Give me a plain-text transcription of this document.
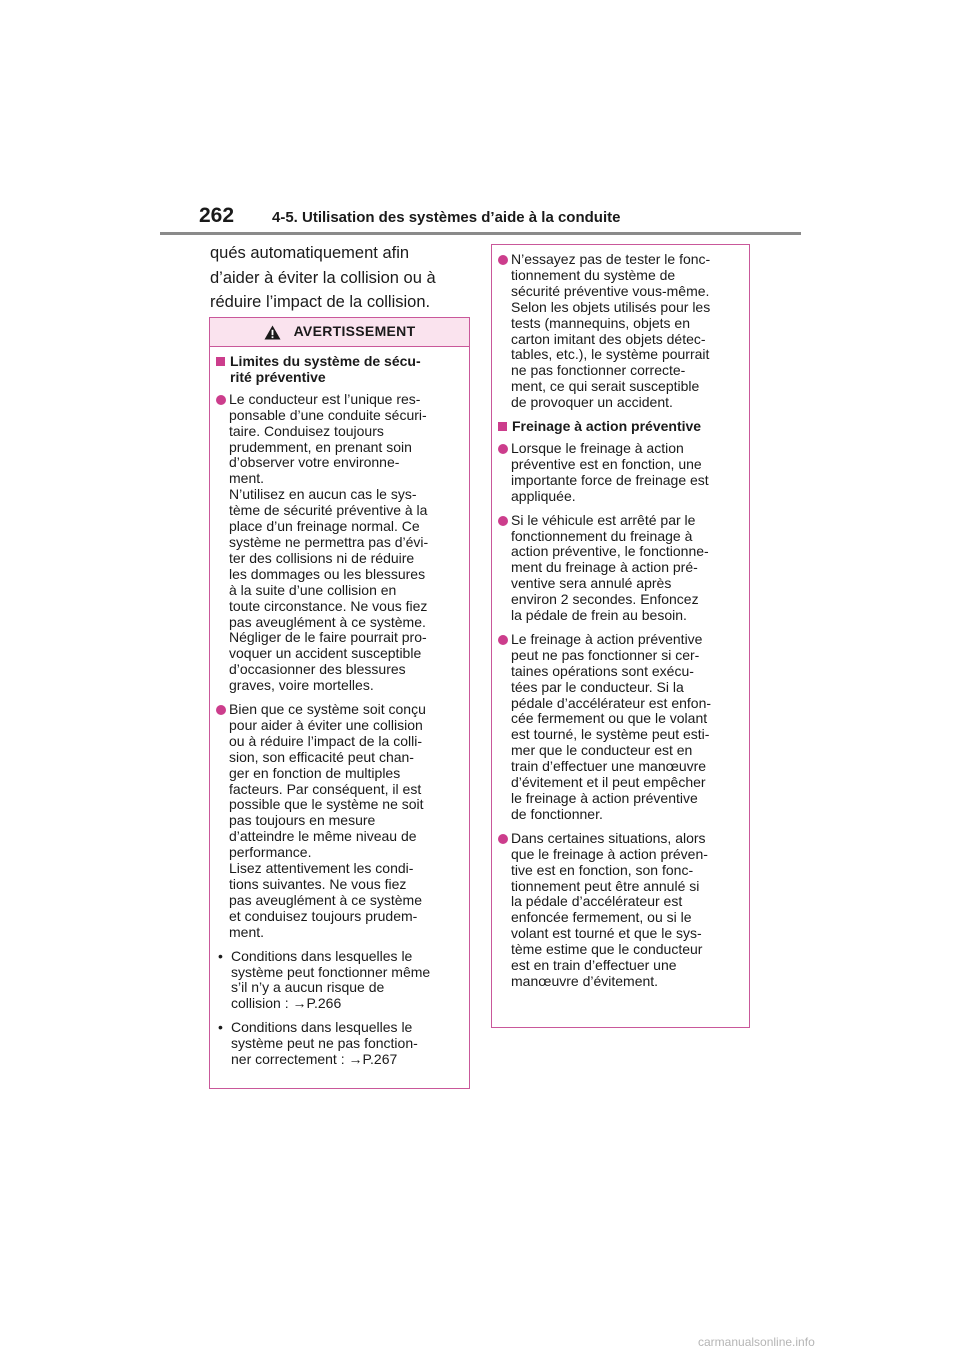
262	4-5. Utilisation des systèmes d’aide à la conduite
qués automatiquement afin
d’aider à éviter la collision ou à
réduire l’impact de la collision.
AVERTISSEMENT
Limites du système de sécu-
rité préventive
Le conducteur est l’unique res-
ponsable d’une conduite sécuri-
taire. Conduisez toujours
prudemment, en prenant soin
d’observer votre environne-
ment.
N’utilisez en aucun cas le sys-
tème de sécurité préventive à la
place d’un freinage normal. Ce
système ne permettra pas d’évi-
ter des collisions ni de réduire
les dommages ou les blessures
à la suite d’une collision en
toute circonstance. Ne vous fiez
pas aveuglément à ce système.
Négliger de le faire pourrait pro-
voquer un accident susceptible
d’occasionner des blessures
graves, voire mortelles.
Bien que ce système soit conçu
pour aider à éviter une collision
ou à réduire l’impact de la colli-
sion, son efficacité peut chan-
ger en fonction de multiples
facteurs. Par conséquent, il est
possible que le système ne soit
pas toujours en mesure
d’atteindre le même niveau de
performance.
Lisez attentivement les condi-
tions suivantes. Ne vous fiez
pas aveuglément à ce système
et conduisez toujours prudem-
ment.
• Conditions dans lesquelles le
système peut fonctionner même
s’il n’y a aucun risque de
collision : →P.266
• Conditions dans lesquelles le
système peut ne pas fonction-
ner correctement : →P.267
N’essayez pas de tester le fonc-
tionnement du système de
sécurité préventive vous-même.
Selon les objets utilisés pour les
tests (mannequins, objets en
carton imitant des objets détec-
tables, etc.), le système pourrait
ne pas fonctionner correcte-
ment, ce qui serait susceptible
de provoquer un accident.
Freinage à action préventive
Lorsque le freinage à action
préventive est en fonction, une
importante force de freinage est
appliquée.
Si le véhicule est arrêté par le
fonctionnement du freinage à
action préventive, le fonctionne-
ment du freinage à action pré-
ventive sera annulé après
environ 2 secondes. Enfoncez
la pédale de frein au besoin.
Le freinage à action préventive
peut ne pas fonctionner si cer-
taines opérations sont exécu-
tées par le conducteur. Si la
pédale d’accélérateur est enfon-
cée fermement ou que le volant
est tourné, le système peut esti-
mer que le conducteur est en
train d’effectuer une manœuvre
d’évitement et il peut empêcher
le freinage à action préventive
de fonctionner.
Dans certaines situations, alors
que le freinage à action préven-
tive est en fonction, son fonc-
tionnement peut être annulé si
la pédale d’accélérateur est
enfoncée fermement, ou si le
volant est tourné et que le sys-
tème estime que le conducteur
est en train d’effectuer une
manœuvre d’évitement.
carmanualsonline.info
